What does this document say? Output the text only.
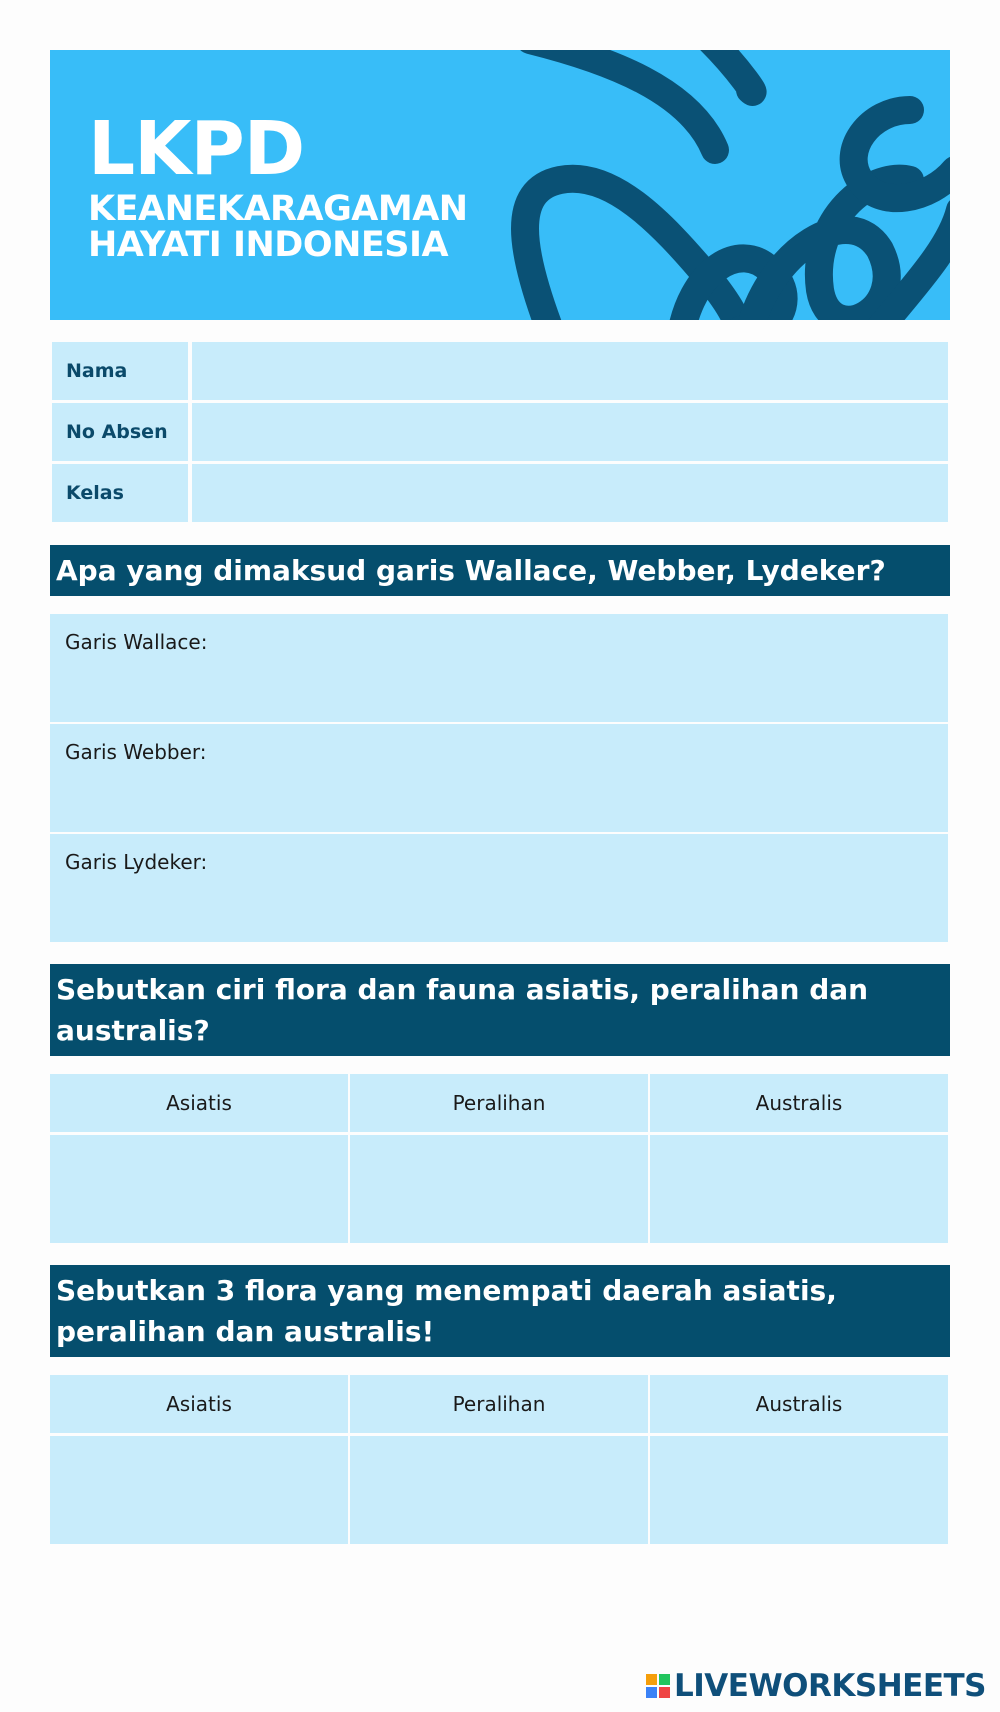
LKPD
KEANEKARAGAMAN
HAYATI INDONESIA
Nama
No Absen
Kelas
Apa yang dimaksud garis Wallace, Webber, Lydeker?
Garis Wallace:
Garis Webber:
Garis Lydeker:
Sebutkan ciri flora dan fauna asiatis, peralihan dan australis?
Asiatis	Peralihan	Australis
Sebutkan 3 flora yang menempati daerah asiatis, peralihan dan australis!
Asiatis	Peralihan	Australis
LIVEWORKSHEETS
